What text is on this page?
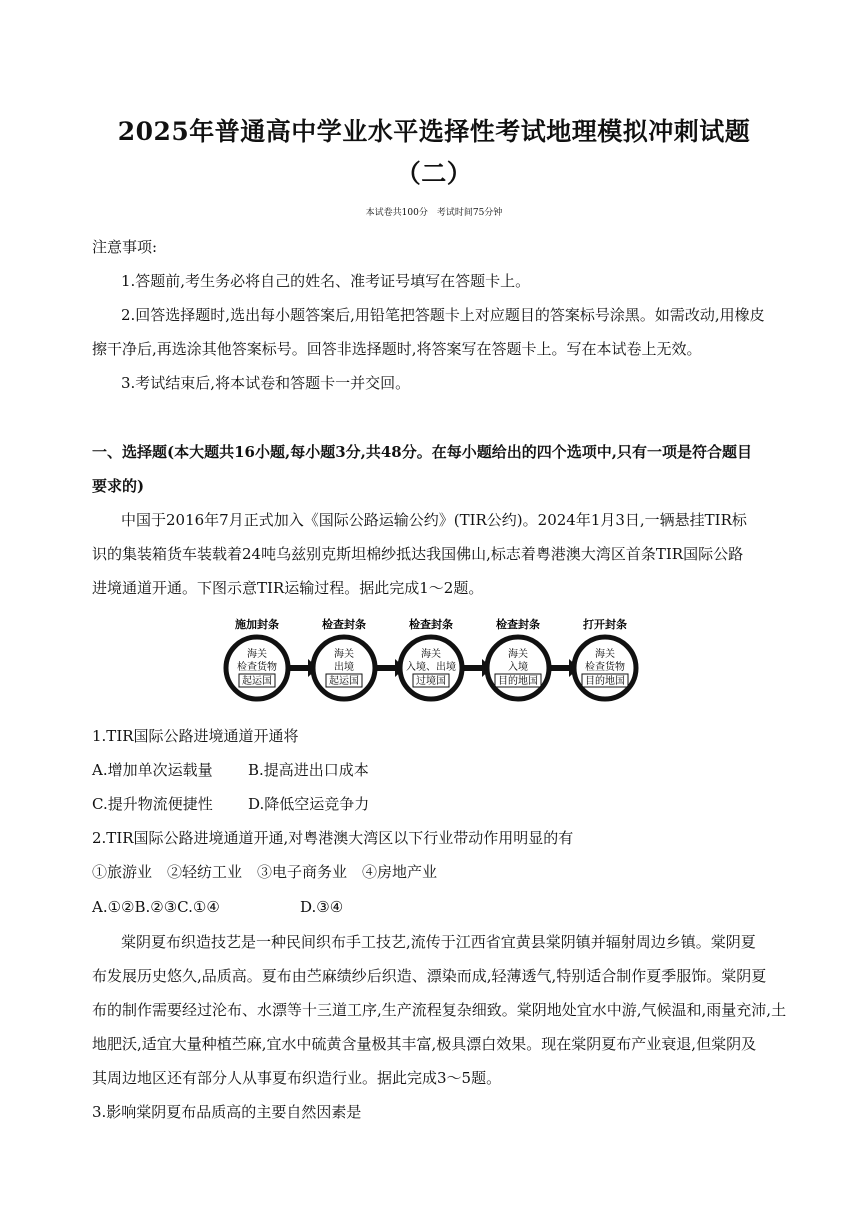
2025年普通高中学业水平选择性考试地理模拟冲刺试题
（二）
本试卷共100分　考试时间75分钟
注意事项:
1.答题前,考生务必将自己的姓名、准考证号填写在答题卡上。
2.回答选择题时,选出每小题答案后,用铅笔把答题卡上对应题目的答案标号涂黑。如需改动,用橡皮
擦干净后,再选涂其他答案标号。回答非选择题时,将答案写在答题卡上。写在本试卷上无效。
3.考试结束后,将本试卷和答题卡一并交回。
一、选择题(本大题共16小题,每小题3分,共48分。在每小题给出的四个选项中,只有一项是符合题目
要求的)
中国于2016年7月正式加入《国际公路运输公约》(TIR公约)。2024年1月3日,一辆悬挂TIR标
识的集装箱货车装载着24吨乌兹别克斯坦棉纱抵达我国佛山,标志着粤港澳大湾区首条TIR国际公路
进境通道开通。下图示意TIR运输过程。据此完成1～2题。
施加封条
海关
检查货物
起运国
检查封条
海关
出境
起运国
检查封条
海关
入境、出境
过境国
检查封条
海关
入境
目的地国
打开封条
海关
检查货物
目的地国
1.TIR国际公路进境通道开通将
A.增加单次运载量 B.提高进出口成本
C.提升物流便捷性 D.降低空运竞争力
2.TIR国际公路进境通道开通,对粤港澳大湾区以下行业带动作用明显的有
①旅游业　②轻纺工业　③电子商务业　④房地产业
A.①②B.②③C.①④	D.③④
棠阴夏布织造技艺是一种民间织布手工技艺,流传于江西省宜黄县棠阴镇并辐射周边乡镇。棠阴夏
布发展历史悠久,品质高。夏布由苎麻绩纱后织造、漂染而成,轻薄透气,特别适合制作夏季服饰。棠阴夏
布的制作需要经过沦布、水漂等十三道工序,生产流程复杂细致。棠阴地处宜水中游,气候温和,雨量充沛,土
地肥沃,适宜大量种植苎麻,宜水中硫黄含量极其丰富,极具漂白效果。现在棠阴夏布产业衰退,但棠阴及
其周边地区还有部分人从事夏布织造行业。据此完成3～5题。
3.影响棠阴夏布品质高的主要自然因素是
